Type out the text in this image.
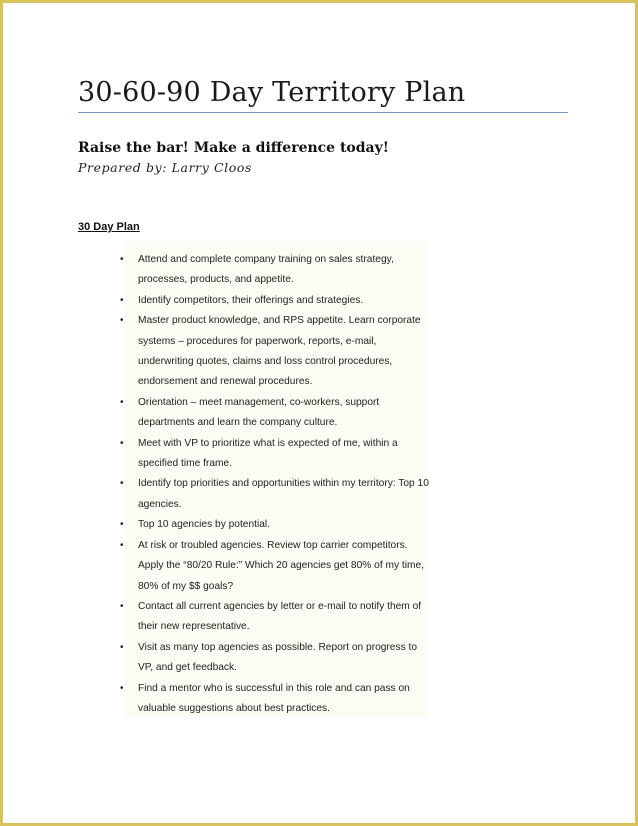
30-60-90 Day Territory Plan
Raise the bar! Make a difference today!
Prepared by: Larry Cloos
30 Day Plan
• Attend and complete company training on sales strategy, processes, products, and appetite.
• Identify competitors, their offerings and strategies.
• Master product knowledge, and RPS appetite. Learn corporate systems – procedures for paperwork, reports, e-mail, underwriting quotes, claims and loss control procedures, endorsement and renewal procedures.
• Orientation – meet management, co-workers, support departments and learn the company culture.
• Meet with VP to prioritize what is expected of me, within a specified time frame.
• Identify top priorities and opportunities within my territory: Top 10 agencies.
• Top 10 agencies by potential.
• At risk or troubled agencies. Review top carrier competitors. Apply the “80/20 Rule:” Which 20 agencies get 80% of my time, 80% of my $$ goals?
• Contact all current agencies by letter or e-mail to notify them of their new representative.
• Visit as many top agencies as possible. Report on progress to VP, and get feedback.
• Find a mentor who is successful in this role and can pass on valuable suggestions about best practices.
